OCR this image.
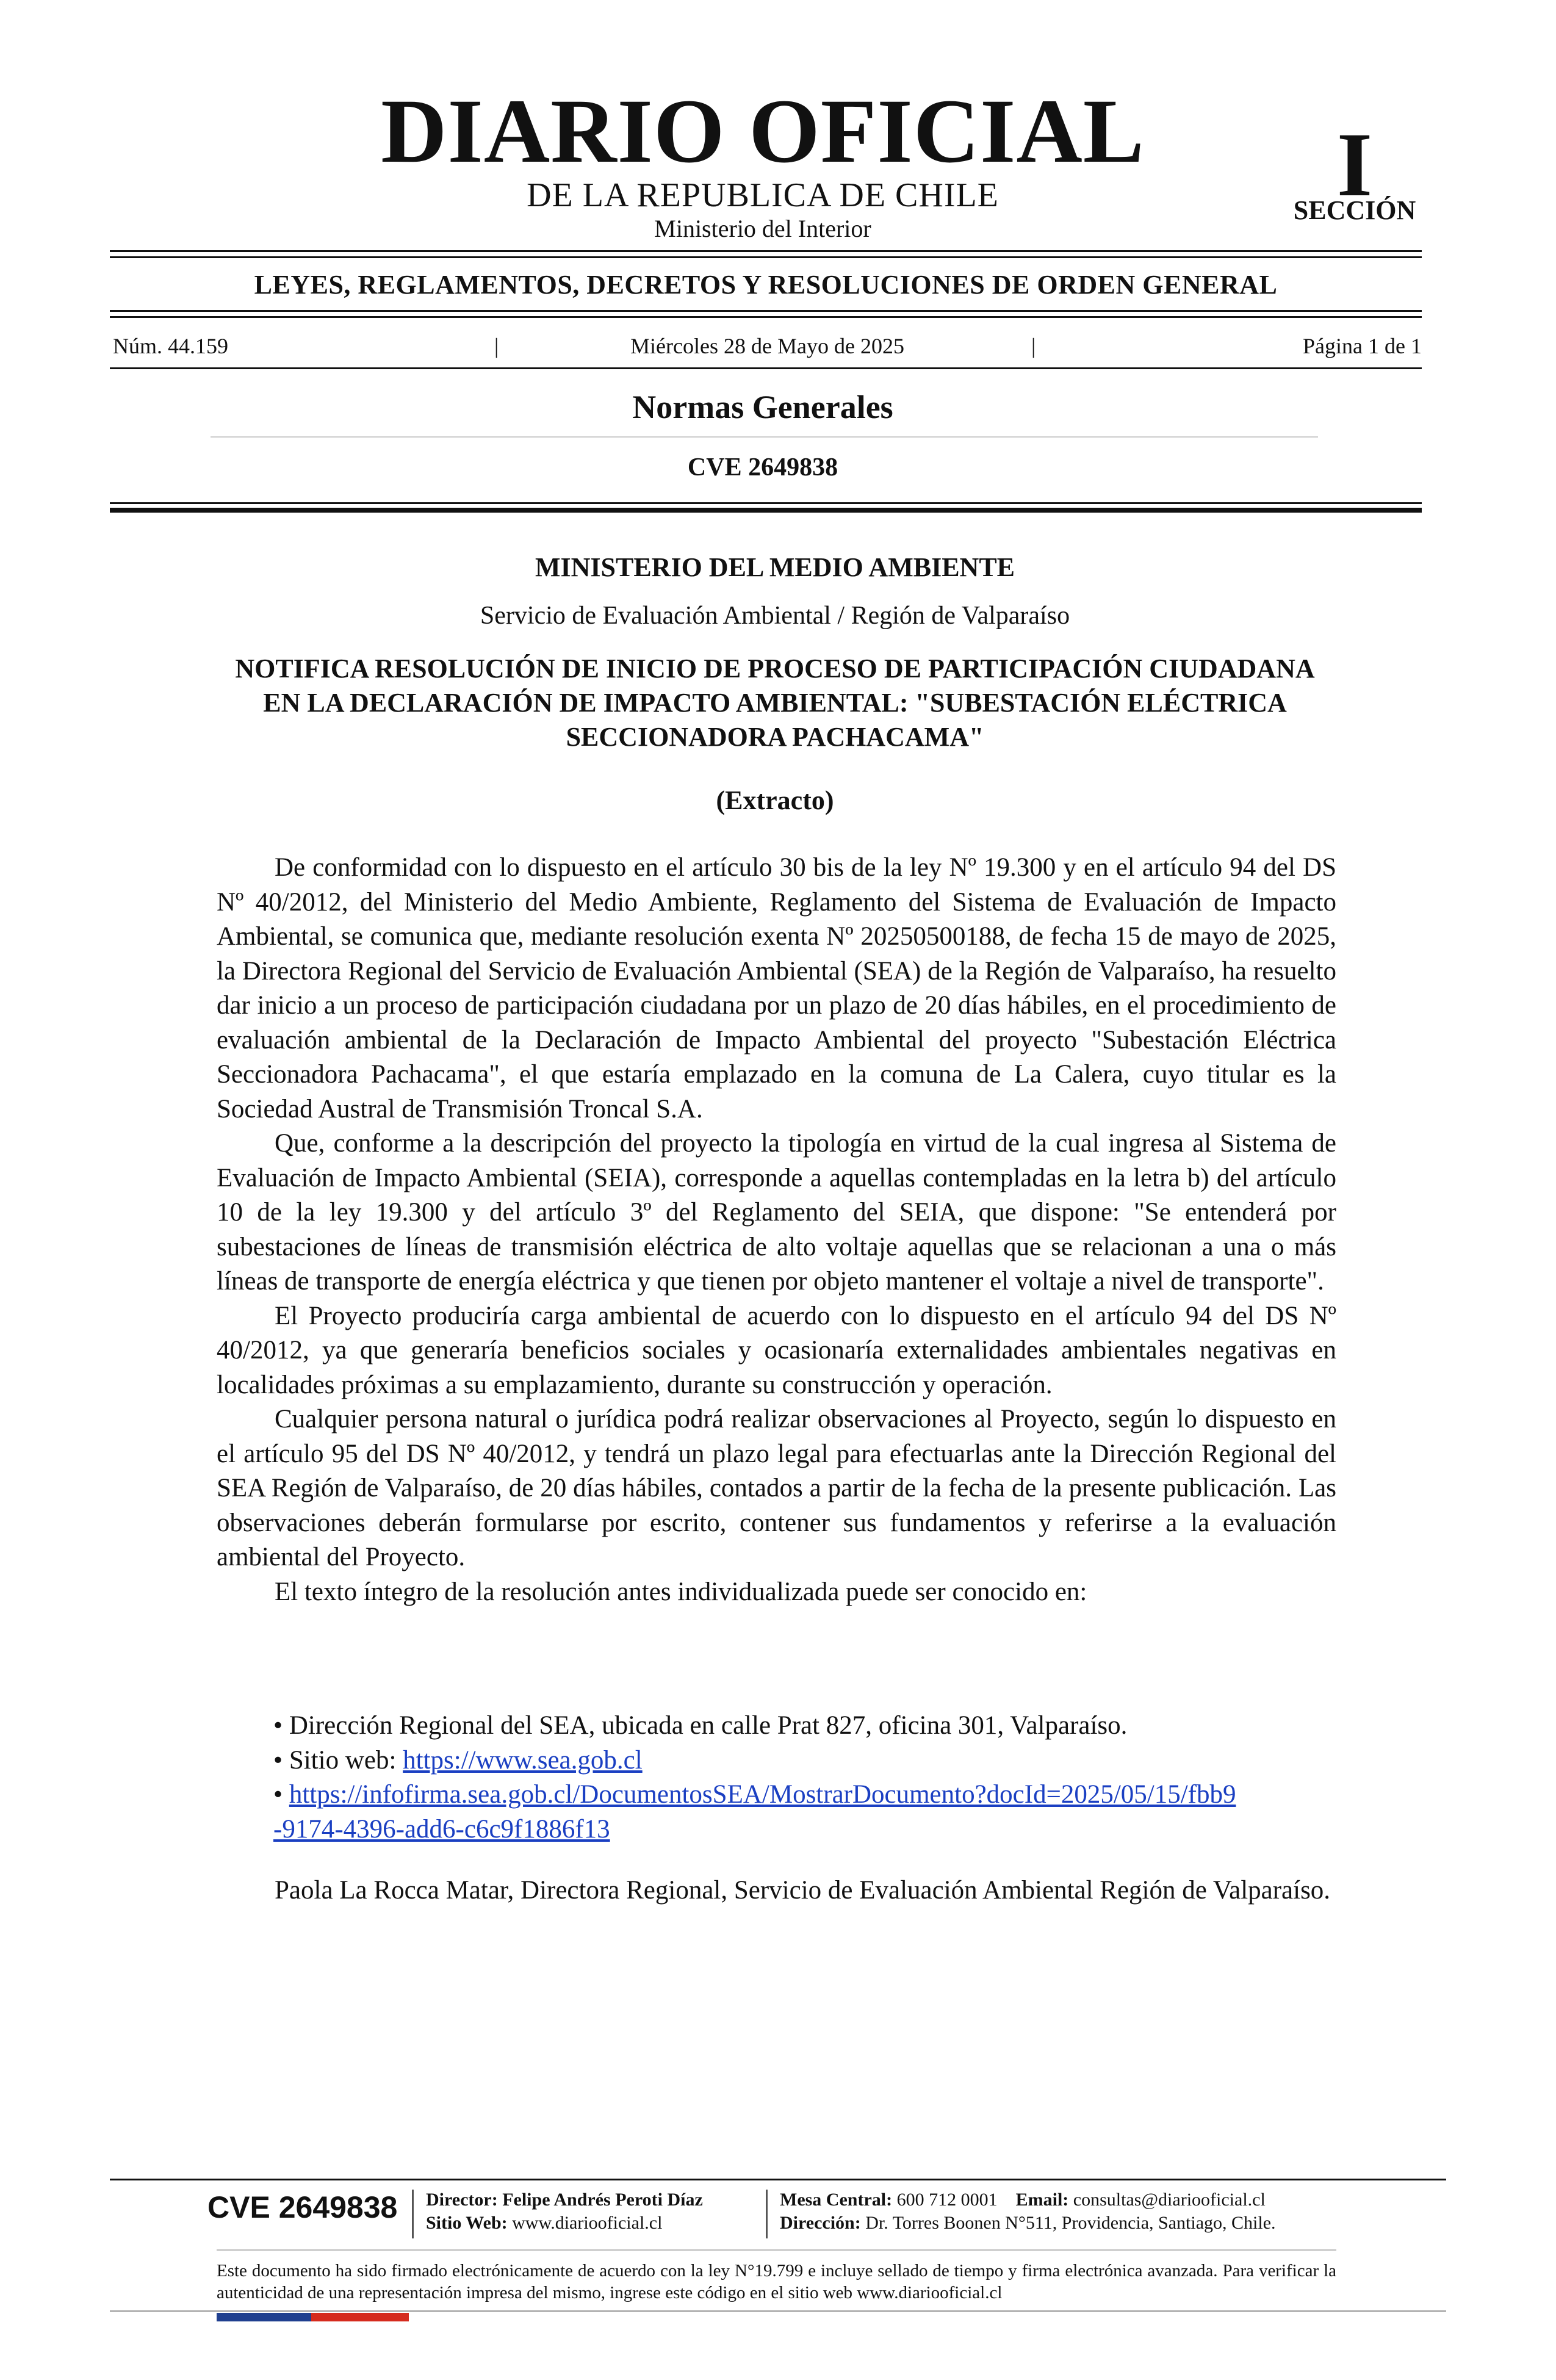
DIARIO OFICIAL
DE LA REPUBLICA DE CHILE
Ministerio del Interior
I
SECCIÓN
LEYES, REGLAMENTOS, DECRETOS Y RESOLUCIONES DE ORDEN GENERAL
Núm. 44.159	|	Miércoles 28 de Mayo de 2025	|	Página 1 de 1
Normas Generales
CVE 2649838
MINISTERIO DEL MEDIO AMBIENTE
Servicio de Evaluación Ambiental / Región de Valparaíso
NOTIFICA RESOLUCIÓN DE INICIO DE PROCESO DE PARTICIPACIÓN CIUDADANA EN LA DECLARACIÓN DE IMPACTO AMBIENTAL: "SUBESTACIÓN ELÉCTRICA SECCIONADORA PACHACAMA"
(Extracto)

De conformidad con lo dispuesto en el artículo 30 bis de la ley Nº 19.300 y en el artículo 94 del DS Nº 40/2012, del Ministerio del Medio Ambiente, Reglamento del Sistema de Evaluación de Impacto Ambiental, se comunica que, mediante resolución exenta Nº 20250500188, de fecha 15 de mayo de 2025, la Directora Regional del Servicio de Evaluación Ambiental (SEA) de la Región de Valparaíso, ha resuelto dar inicio a un proceso de participación ciudadana por un plazo de 20 días hábiles, en el procedimiento de evaluación ambiental de la Declaración de Impacto Ambiental del proyecto "Subestación Eléctrica Seccionadora Pachacama", el que estaría emplazado en la comuna de La Calera, cuyo titular es la Sociedad Austral de Transmisión Troncal S.A.

Que, conforme a la descripción del proyecto la tipología en virtud de la cual ingresa al Sistema de Evaluación de Impacto Ambiental (SEIA), corresponde a aquellas contempladas en la letra b) del artículo 10 de la ley 19.300 y del artículo 3º del Reglamento del SEIA, que dispone: "Se entenderá por subestaciones de líneas de transmisión eléctrica de alto voltaje aquellas que se relacionan a una o más líneas de transporte de energía eléctrica y que tienen por objeto mantener el voltaje a nivel de transporte".

El Proyecto produciría carga ambiental de acuerdo con lo dispuesto en el artículo 94 del DS Nº 40/2012, ya que generaría beneficios sociales y ocasionaría externalidades ambientales negativas en localidades próximas a su emplazamiento, durante su construcción y operación.

Cualquier persona natural o jurídica podrá realizar observaciones al Proyecto, según lo dispuesto en el artículo 95 del DS Nº 40/2012, y tendrá un plazo legal para efectuarlas ante la Dirección Regional del SEA Región de Valparaíso, de 20 días hábiles, contados a partir de la fecha de la presente publicación. Las observaciones deberán formularse por escrito, contener sus fundamentos y referirse a la evaluación ambiental del Proyecto.

El texto íntegro de la resolución antes individualizada puede ser conocido en:

• Dirección Regional del SEA, ubicada en calle Prat 827, oficina 301, Valparaíso.
• Sitio web: https://www.sea.gob.cl
• https://infofirma.sea.gob.cl/DocumentosSEA/MostrarDocumento?docId=2025/05/15/fbb9
-9174-4396-add6-c6c9f1886f13

Paola La Rocca Matar, Directora Regional, Servicio de Evaluación Ambiental Región de Valparaíso.

CVE 2649838 Director: Felipe Andrés Peroti Díaz
Sitio Web: www.diariooficial.cl
Mesa Central: 600 712 0001 Email: consultas@diariooficial.cl
Dirección: Dr. Torres Boonen N°511, Providencia, Santiago, Chile.
Este documento ha sido firmado electrónicamente de acuerdo con la ley N°19.799 e incluye sellado de tiempo y firma electrónica avanzada. Para verificar la autenticidad de una representación impresa del mismo, ingrese este código en el sitio web www.diariooficial.cl
